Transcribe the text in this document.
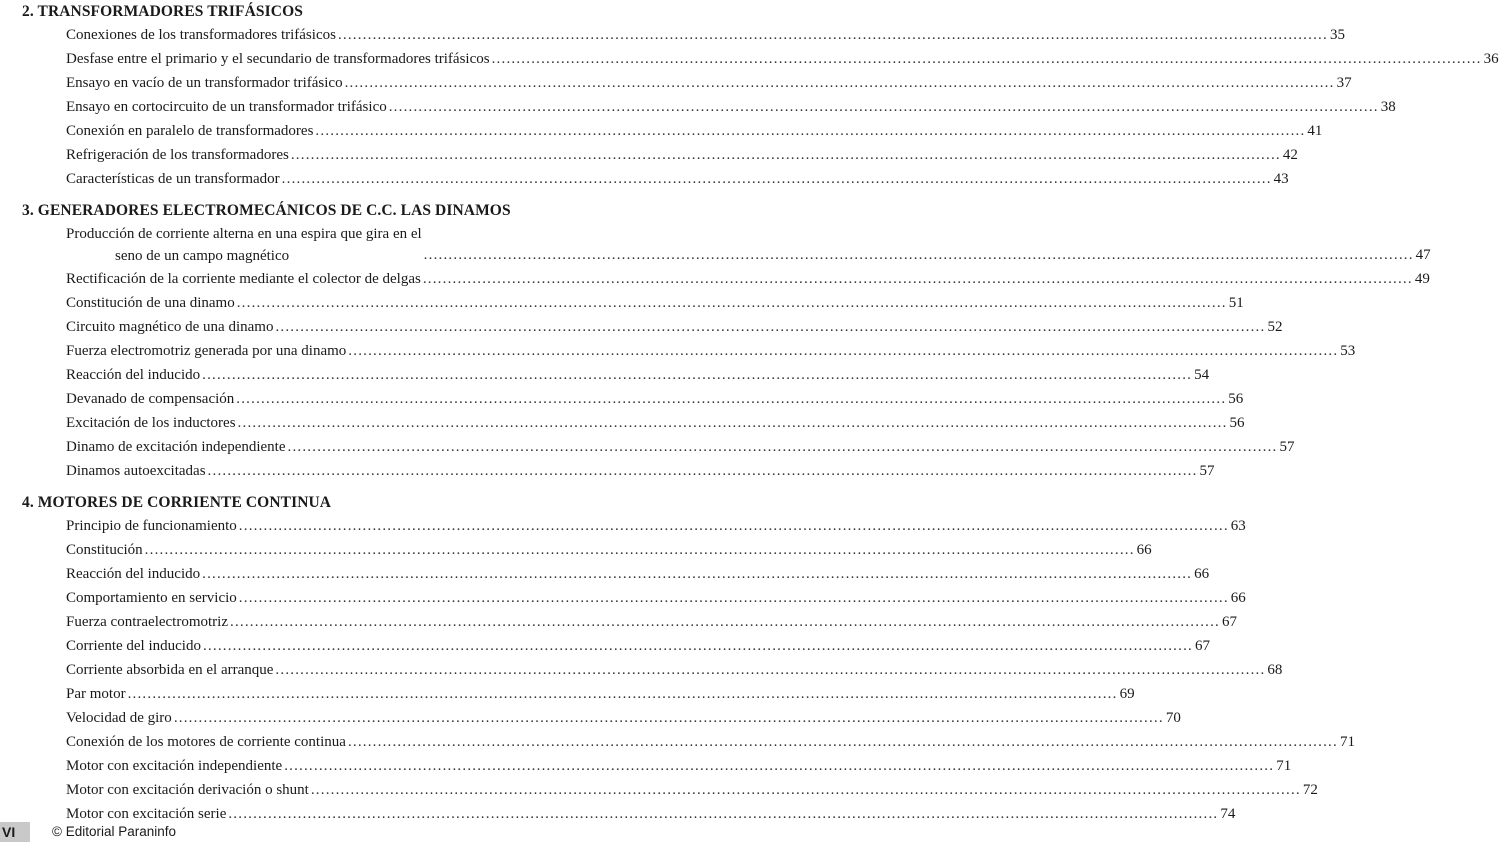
2. TRANSFORMADORES TRIFÁSICOS
Conexiones de los transformadores trifásicos ........................................................................................................................................................................................................ 35
Desfase entre el primario y el secundario de transformadores trifásicos ........................................................................................................................................................................................................ 36
Ensayo en vacío de un transformador trifásico ........................................................................................................................................................................................................ 37
Ensayo en cortocircuito de un transformador trifásico ........................................................................................................................................................................................................ 38
Conexión en paralelo de transformadores ........................................................................................................................................................................................................ 41
Refrigeración de los transformadores ........................................................................................................................................................................................................ 42
Características de un transformador ........................................................................................................................................................................................................ 43
3. GENERADORES ELECTROMECÁNICOS DE C.C. LAS DINAMOS
Producción de corriente alterna en una espira que gira en el
seno de un campo magnético	........................................................................................................................................................................................................ 47
Rectificación de la corriente mediante el colector de delgas ........................................................................................................................................................................................................ 49
Constitución de una dinamo ........................................................................................................................................................................................................ 51
Circuito magnético de una dinamo ........................................................................................................................................................................................................ 52
Fuerza electromotriz generada por una dinamo ........................................................................................................................................................................................................ 53
Reacción del inducido ........................................................................................................................................................................................................ 54
Devanado de compensación ........................................................................................................................................................................................................ 56
Excitación de los inductores ........................................................................................................................................................................................................ 56
Dinamo de excitación independiente ........................................................................................................................................................................................................ 57
Dinamos autoexcitadas ........................................................................................................................................................................................................ 57
4. MOTORES DE CORRIENTE CONTINUA
Principio de funcionamiento ........................................................................................................................................................................................................ 63
Constitución ........................................................................................................................................................................................................ 66
Reacción del inducido ........................................................................................................................................................................................................ 66
Comportamiento en servicio ........................................................................................................................................................................................................ 66
Fuerza contraelectromotriz ........................................................................................................................................................................................................ 67
Corriente del inducido ........................................................................................................................................................................................................ 67
Corriente absorbida en el arranque ........................................................................................................................................................................................................ 68
Par motor ........................................................................................................................................................................................................ 69
Velocidad de giro ........................................................................................................................................................................................................ 70
Conexión de los motores de corriente continua ........................................................................................................................................................................................................ 71
Motor con excitación independiente ........................................................................................................................................................................................................ 71
Motor con excitación derivación o shunt ........................................................................................................................................................................................................ 72
Motor con excitación serie ........................................................................................................................................................................................................ 74
VI	© Editorial Paraninfo
